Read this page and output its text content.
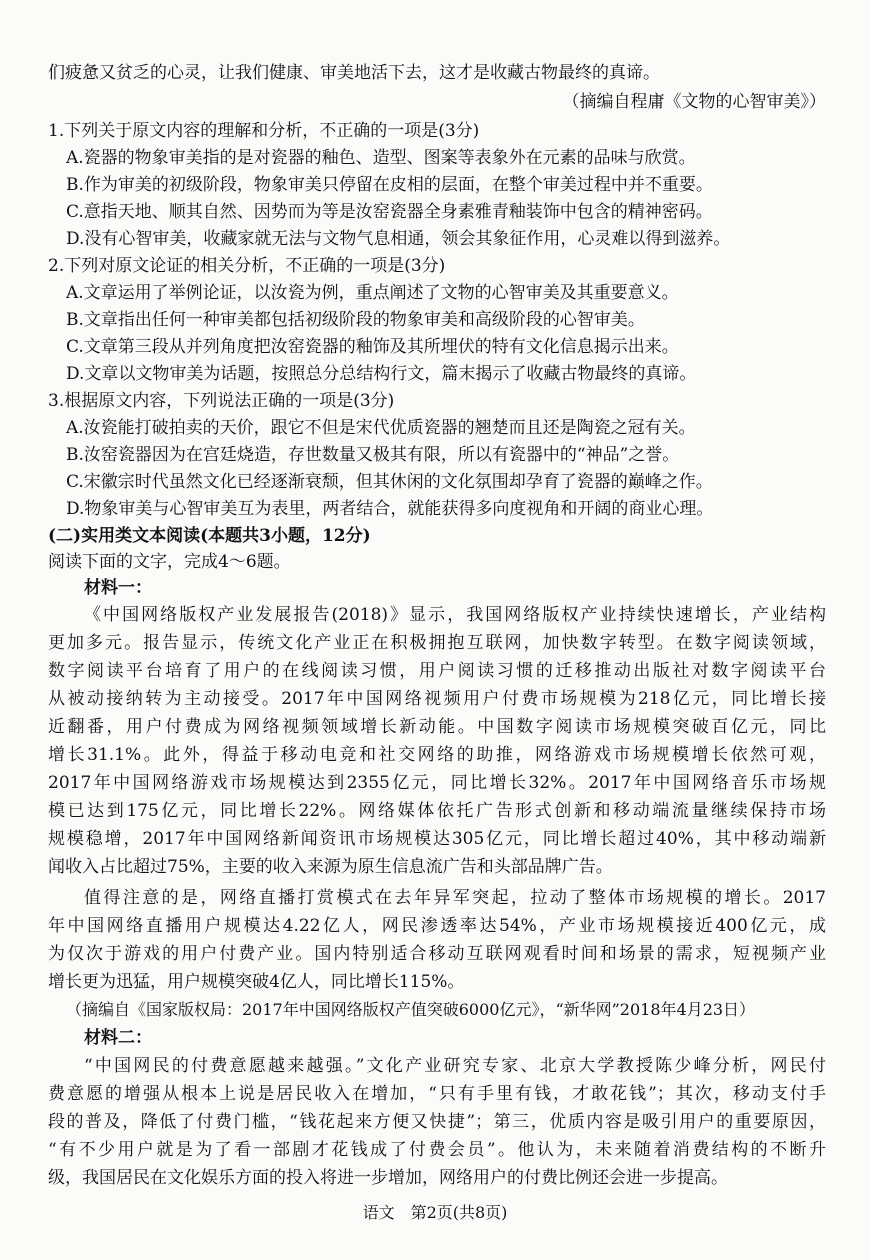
们疲惫又贫乏的心灵，让我们健康、审美地活下去，这才是收藏古物最终的真谛。
（摘编自程庸《文物的心智审美》）
1.下列关于原文内容的理解和分析，不正确的一项是(3分)
A.瓷器的物象审美指的是对瓷器的釉色、造型、图案等表象外在元素的品味与欣赏。
B.作为审美的初级阶段，物象审美只停留在皮相的层面，在整个审美过程中并不重要。
C.意指天地、顺其自然、因势而为等是汝窑瓷器全身素雅青釉装饰中包含的精神密码。
D.没有心智审美，收藏家就无法与文物气息相通，领会其象征作用，心灵难以得到滋养。
2.下列对原文论证的相关分析，不正确的一项是(3分)
A.文章运用了举例论证，以汝瓷为例，重点阐述了文物的心智审美及其重要意义。
B.文章指出任何一种审美都包括初级阶段的物象审美和高级阶段的心智审美。
C.文章第三段从并列角度把汝窑瓷器的釉饰及其所埋伏的特有文化信息揭示出来。
D.文章以文物审美为话题，按照总分总结构行文，篇末揭示了收藏古物最终的真谛。
3.根据原文内容，下列说法正确的一项是(3分)
A.汝瓷能打破拍卖的天价，跟它不但是宋代优质瓷器的翘楚而且还是陶瓷之冠有关。
B.汝窑瓷器因为在宫廷烧造，存世数量又极其有限，所以有瓷器中的“神品”之誉。
C.宋徽宗时代虽然文化已经逐渐衰颓，但其休闲的文化氛围却孕育了瓷器的巅峰之作。
D.物象审美与心智审美互为表里，两者结合，就能获得多向度视角和开阔的商业心理。
(二)实用类文本阅读(本题共3小题，12分)
阅读下面的文字，完成4～6题。
材料一：
《中国网络版权产业发展报告(2018)》显示，我国网络版权产业持续快速增长，产业结构
更加多元。报告显示，传统文化产业正在积极拥抱互联网，加快数字转型。在数字阅读领域，
数字阅读平台培育了用户的在线阅读习惯，用户阅读习惯的迁移推动出版社对数字阅读平台
从被动接纳转为主动接受。2017年中国网络视频用户付费市场规模为218亿元，同比增长接
近翻番，用户付费成为网络视频领域增长新动能。中国数字阅读市场规模突破百亿元，同比
增长31.1%。此外，得益于移动电竞和社交网络的助推，网络游戏市场规模增长依然可观，
2017年中国网络游戏市场规模达到2355亿元，同比增长32%。2017年中国网络音乐市场规
模已达到175亿元，同比增长22%。网络媒体依托广告形式创新和移动端流量继续保持市场
规模稳增，2017年中国网络新闻资讯市场规模达305亿元，同比增长超过40%，其中移动端新
闻收入占比超过75%，主要的收入来源为原生信息流广告和头部品牌广告。
值得注意的是，网络直播打赏模式在去年异军突起，拉动了整体市场规模的增长。2017
年中国网络直播用户规模达4.22亿人，网民渗透率达54%，产业市场规模接近400亿元，成
为仅次于游戏的用户付费产业。国内特别适合移动互联网观看时间和场景的需求，短视频产业
增长更为迅猛，用户规模突破4亿人，同比增长115%。
（摘编自《国家版权局：2017年中国网络版权产值突破6000亿元》，“新华网”2018年4月23日）
材料二：
“中国网民的付费意愿越来越强。”文化产业研究专家、北京大学教授陈少峰分析，网民付
费意愿的增强从根本上说是居民收入在增加，“只有手里有钱，才敢花钱”；其次，移动支付手
段的普及，降低了付费门槛，“钱花起来方便又快捷”；第三，优质内容是吸引用户的重要原因，
“有不少用户就是为了看一部剧才花钱成了付费会员”。他认为，未来随着消费结构的不断升
级，我国居民在文化娱乐方面的投入将进一步增加，网络用户的付费比例还会进一步提高。
语文　第2页(共8页)
